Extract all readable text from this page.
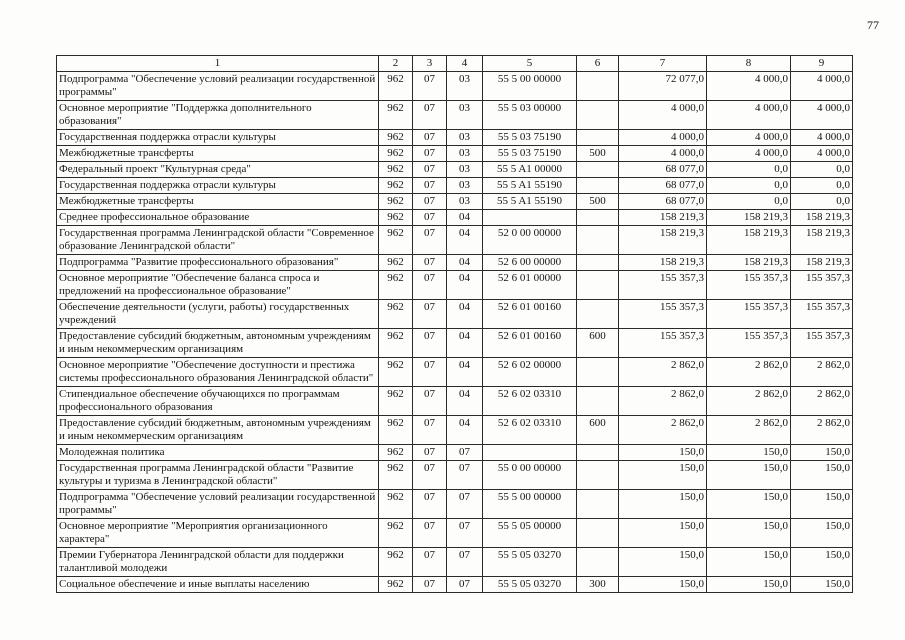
77
1	2	3	4	5	6	7	8	9
Подпрограмма "Обеспечение условий реализации государственной программы"	962	07	03	55 5 00 00000		72 077,0	4 000,0	4 000,0
Основное мероприятие "Поддержка дополнительного образования"	962	07	03	55 5 03 00000		4 000,0	4 000,0	4 000,0
Государственная поддержка отрасли культуры	962	07	03	55 5 03 75190		4 000,0	4 000,0	4 000,0
Межбюджетные трансферты	962	07	03	55 5 03 75190	500	4 000,0	4 000,0	4 000,0
Федеральный проект "Культурная среда"	962	07	03	55 5 A1 00000		68 077,0	0,0	0,0
Государственная поддержка отрасли культуры	962	07	03	55 5 A1 55190		68 077,0	0,0	0,0
Межбюджетные трансферты	962	07	03	55 5 A1 55190	500	68 077,0	0,0	0,0
Среднее профессиональное образование	962	07	04			158 219,3	158 219,3	158 219,3
Государственная программа Ленинградской области "Современное образование Ленинградской области"	962	07	04	52 0 00 00000		158 219,3	158 219,3	158 219,3
Подпрограмма "Развитие профессионального образования"	962	07	04	52 6 00 00000		158 219,3	158 219,3	158 219,3
Основное мероприятие "Обеспечение баланса спроса и предложений на профессиональное образование"	962	07	04	52 6 01 00000		155 357,3	155 357,3	155 357,3
Обеспечение деятельности (услуги, работы) государственных учреждений	962	07	04	52 6 01 00160		155 357,3	155 357,3	155 357,3
Предоставление субсидий бюджетным, автономным учреждениям и иным некоммерческим организациям	962	07	04	52 6 01 00160	600	155 357,3	155 357,3	155 357,3
Основное мероприятие "Обеспечение доступности и престижа системы профессионального образования Ленинградской области"	962	07	04	52 6 02 00000		2 862,0	2 862,0	2 862,0
Стипендиальное обеспечение обучающихся по программам профессионального образования	962	07	04	52 6 02 03310		2 862,0	2 862,0	2 862,0
Предоставление субсидий бюджетным, автономным учреждениям и иным некоммерческим организациям	962	07	04	52 6 02 03310	600	2 862,0	2 862,0	2 862,0
Молодежная политика	962	07	07			150,0	150,0	150,0
Государственная программа Ленинградской области "Развитие культуры и туризма в Ленинградской области"	962	07	07	55 0 00 00000		150,0	150,0	150,0
Подпрограмма "Обеспечение условий реализации государственной программы"	962	07	07	55 5 00 00000		150,0	150,0	150,0
Основное мероприятие "Мероприятия организационного характера"	962	07	07	55 5 05 00000		150,0	150,0	150,0
Премии Губернатора Ленинградской области для поддержки талантливой молодежи	962	07	07	55 5 05 03270		150,0	150,0	150,0
Социальное обеспечение и иные выплаты населению	962	07	07	55 5 05 03270	300	150,0	150,0	150,0
